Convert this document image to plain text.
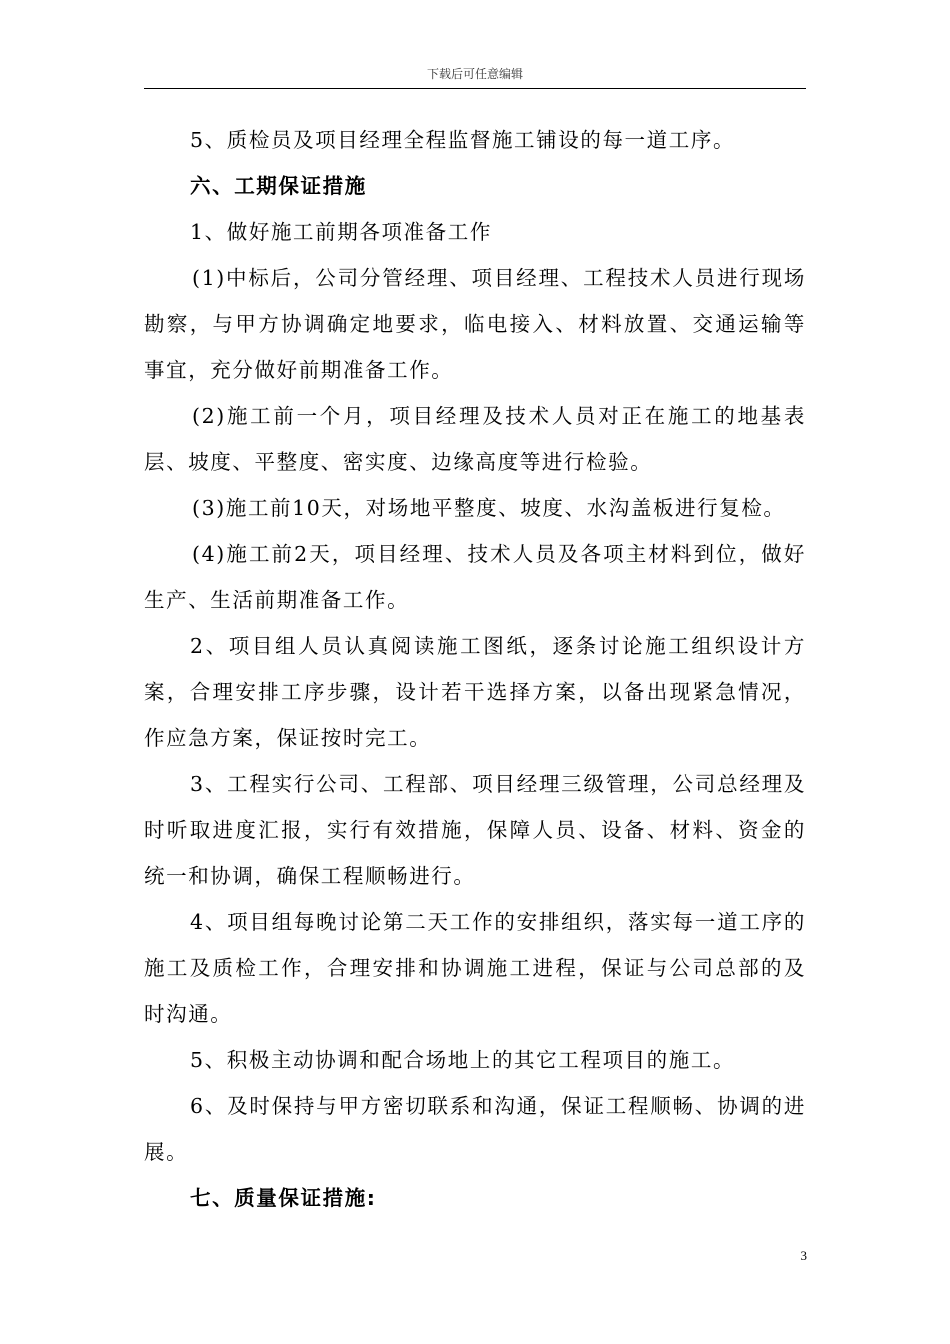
下载后可任意编辑

5、质检员及项目经理全程监督施工铺设的每一道工序。

六、工期保证措施

1、做好施工前期各项准备工作

(1)中标后，公司分管经理、项目经理、工程技术人员进行现场勘察，与甲方协调确定地要求，临电接入、材料放置、交通运输等事宜，充分做好前期准备工作。

(2)施工前一个月，项目经理及技术人员对正在施工的地基表层、坡度、平整度、密实度、边缘高度等进行检验。

(3)施工前10天，对场地平整度、坡度、水沟盖板进行复检。

(4)施工前2天，项目经理、技术人员及各项主材料到位，做好生产、生活前期准备工作。

2、项目组人员认真阅读施工图纸，逐条讨论施工组织设计方案，合理安排工序步骤，设计若干选择方案，以备出现紧急情况，作应急方案，保证按时完工。

3、工程实行公司、工程部、项目经理三级管理，公司总经理及时听取进度汇报，实行有效措施，保障人员、设备、材料、资金的统一和协调，确保工程顺畅进行。

4、项目组每晚讨论第二天工作的安排组织，落实每一道工序的施工及质检工作，合理安排和协调施工进程，保证与公司总部的及时沟通。

5、积极主动协调和配合场地上的其它工程项目的施工。

6、及时保持与甲方密切联系和沟通，保证工程顺畅、协调的进展。

七、质量保证措施:

3
